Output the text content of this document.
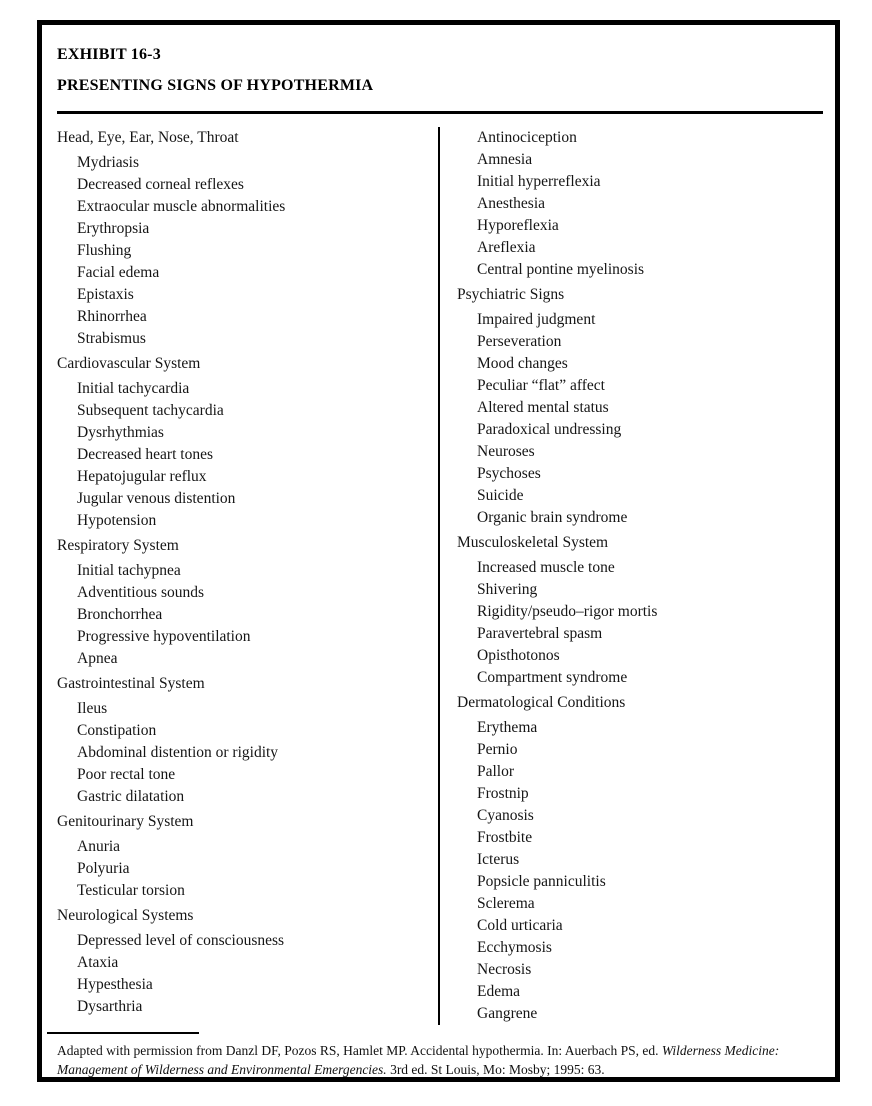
EXHIBIT 16-3
PRESENTING SIGNS OF HYPOTHERMIA
Head, Eye, Ear, Nose, Throat
Mydriasis
Decreased corneal reflexes
Extraocular muscle abnormalities
Erythropsia
Flushing
Facial edema
Epistaxis
Rhinorrhea
Strabismus
Cardiovascular System
Initial tachycardia
Subsequent tachycardia
Dysrhythmias
Decreased heart tones
Hepatojugular reflux
Jugular venous distention
Hypotension
Respiratory System
Initial tachypnea
Adventitious sounds
Bronchorrhea
Progressive hypoventilation
Apnea
Gastrointestinal System
Ileus
Constipation
Abdominal distention or rigidity
Poor rectal tone
Gastric dilatation
Genitourinary System
Anuria
Polyuria
Testicular torsion
Neurological Systems
Depressed level of consciousness
Ataxia
Hypesthesia
Dysarthria
Antinociception
Amnesia
Initial hyperreflexia
Anesthesia
Hyporeflexia
Areflexia
Central pontine myelinosis
Psychiatric Signs
Impaired judgment
Perseveration
Mood changes
Peculiar “flat” affect
Altered mental status
Paradoxical undressing
Neuroses
Psychoses
Suicide
Organic brain syndrome
Musculoskeletal System
Increased muscle tone
Shivering
Rigidity/pseudo–rigor mortis
Paravertebral spasm
Opisthotonos
Compartment syndrome
Dermatological Conditions
Erythema
Pernio
Pallor
Frostnip
Cyanosis
Frostbite
Icterus
Popsicle panniculitis
Sclerema
Cold urticaria
Ecchymosis
Necrosis
Edema
Gangrene
Adapted with permission from Danzl DF, Pozos RS, Hamlet MP. Accidental hypothermia. In: Auerbach PS, ed. Wilderness Medicine: Management of Wilderness and Environmental Emergencies. 3rd ed. St Louis, Mo: Mosby; 1995: 63.
